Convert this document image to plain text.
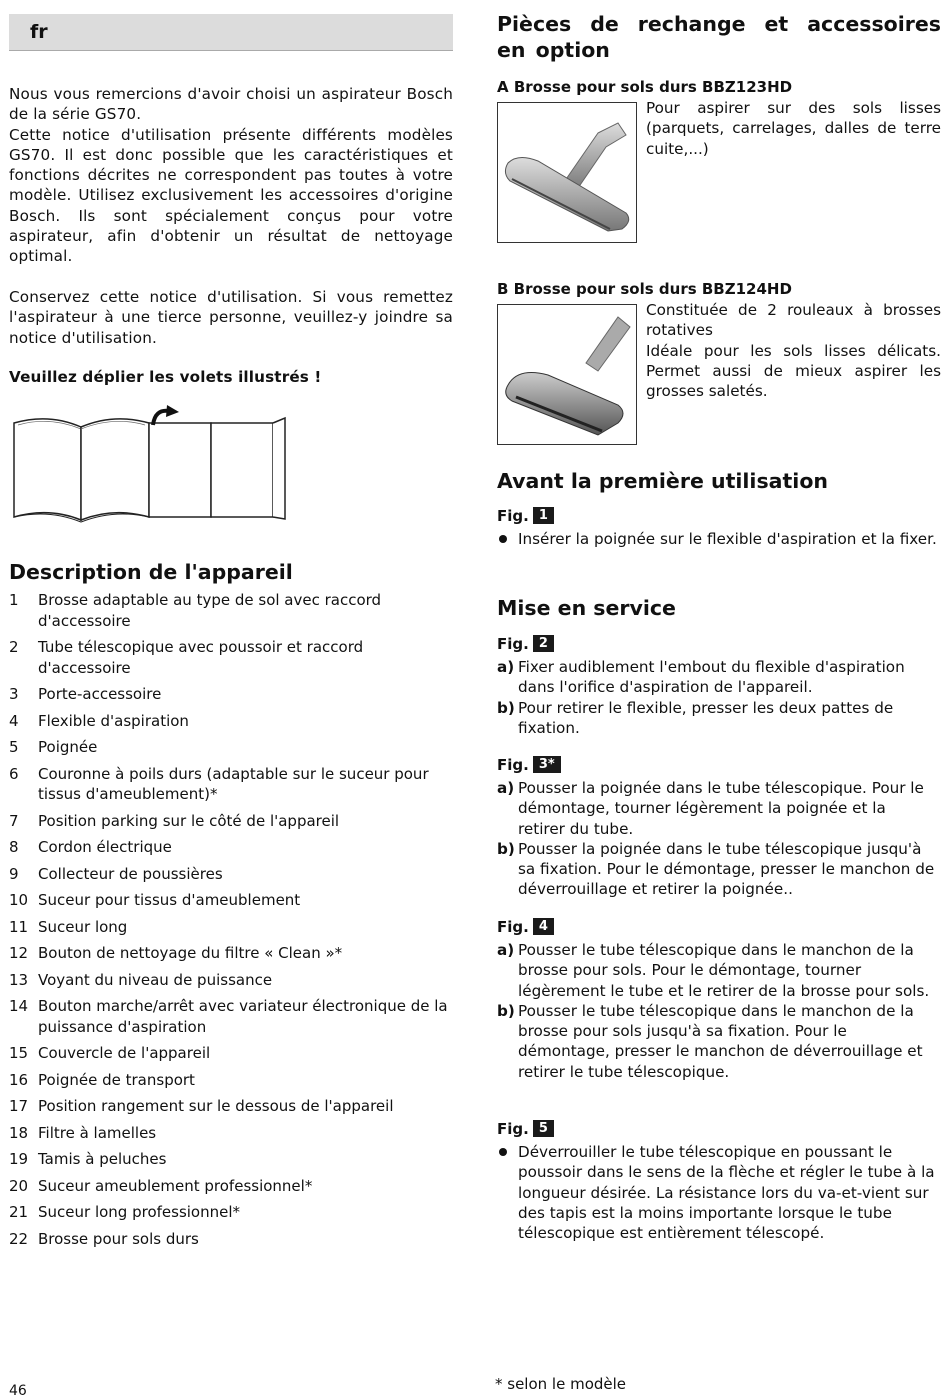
fr

Nous vous remercions d'avoir choisi un aspirateur Bosch de la série GS70.
Cette notice d'utilisation présente différents modèles GS70. Il est donc possible que les caractéristiques et fonctions décrites ne correspondent pas toutes à votre modèle. Utilisez exclusivement les accessoires d'origine Bosch. Ils sont spécialement conçus pour votre aspirateur, afin d'obtenir un résultat de nettoyage optimal.

Conservez cette notice d'utilisation. Si vous remettez l'aspirateur à une tierce personne, veuillez-y joindre sa notice d'utilisation.

Veuillez déplier les volets illustrés !

Description de l'appareil
1 Brosse adaptable au type de sol avec raccord d'accessoire
2 Tube télescopique avec poussoir et raccord d'accessoire
3 Porte-accessoire
4 Flexible d'aspiration
5 Poignée
6 Couronne à poils durs (adaptable sur le suceur pour tissus d'ameublement)*
7 Position parking sur le côté de l'appareil
8 Cordon électrique
9 Collecteur de poussières
10 Suceur pour tissus d'ameublement
11 Suceur long
12 Bouton de nettoyage du filtre « Clean »*
13 Voyant du niveau de puissance
14 Bouton marche/arrêt avec variateur électronique de la puissance d'aspiration
15 Couvercle de l'appareil
16 Poignée de transport
17 Position rangement sur le dessous de l'appareil
18 Filtre à lamelles
19 Tamis à peluches
20 Suceur ameublement professionnel*
21 Suceur long professionnel*
22 Brosse pour sols durs
Pièces de rechange et accessoires en option
A Brosse pour sols durs BBZ123HD

Pour aspirer sur des sols lisses (parquets, carrelages, dalles de terre cuite,...)

B Brosse pour sols durs BBZ124HD

Constituée de 2 rouleaux à brosses rotatives
Idéale pour les sols lisses délicats. Permet aussi de mieux aspirer les grosses saletés.

Avant la première utilisation
Fig. 1
Insérer la poignée sur le flexible d'aspiration et la fixer.
Mise en service
Fig. 2
a) Fixer audiblement l'embout du flexible d'aspiration dans l'orifice d'aspiration de l'appareil.
b) Pour retirer le flexible, presser les deux pattes de fixation.
Fig. 3*
a) Pousser la poignée dans le tube télescopique. Pour le démontage, tourner légèrement la poignée et la retirer du tube.
b) Pousser la poignée dans le tube télescopique jusqu'à sa fixation. Pour le démontage, presser le manchon de déverrouillage et retirer la poignée..
Fig. 4
a) Pousser le tube télescopique dans le manchon de la brosse pour sols. Pour le démontage, tourner légèrement le tube et le retirer de la brosse pour sols.
b) Pousser le tube télescopique dans le manchon de la brosse pour sols jusqu'à sa fixation. Pour le démontage, presser le manchon de déverrouillage et retirer le tube télescopique.
Fig. 5
Déverrouiller le tube télescopique en poussant le poussoir dans le sens de la flèche et régler le tube à la longueur désirée. La résistance lors du va-et-vient sur des tapis est la moins importante lorsque le tube télescopique est entièrement télescopé.
* selon le modèle
46
